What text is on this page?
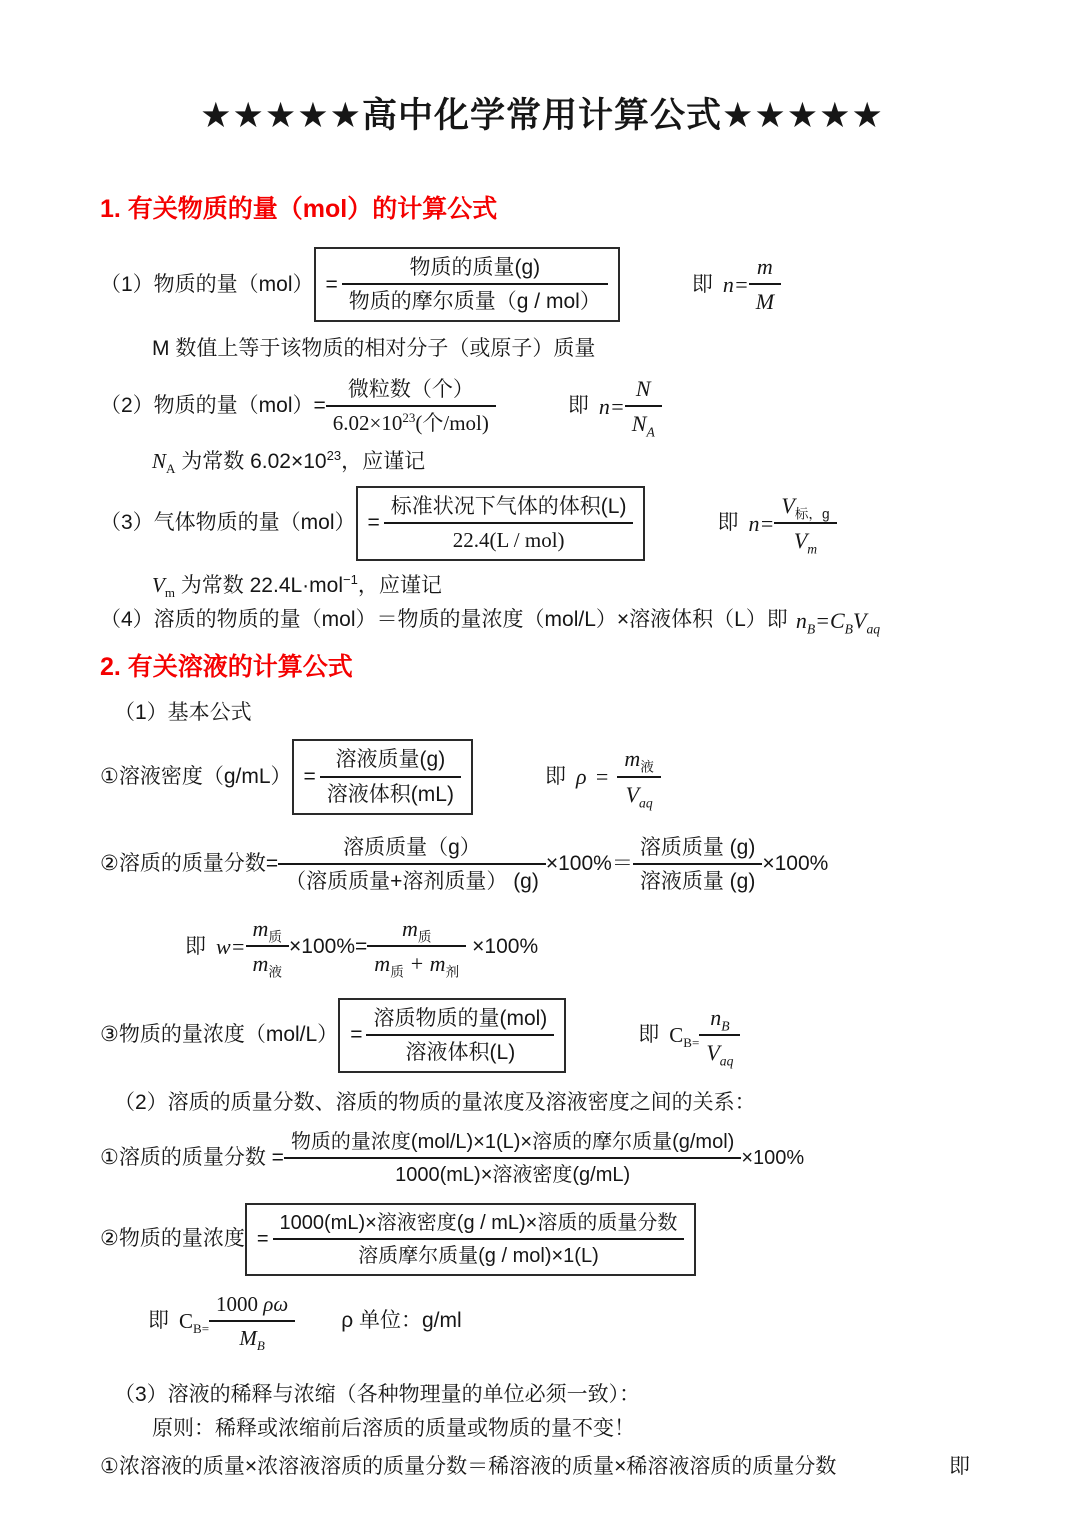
★★★★★高中化学常用计算公式★★★★★
1. 有关物质的量（mol）的计算公式
（1）物质的量$(mol) = \frac{\text{物质的质量(g)}}{\text{物质的摩尔质量（g / mol）}}$	即 $n= \frac{m}{M}$
M 数值上等于该物质的相对分子（或原子）质量
（2）物质的量$(mol)= \frac{\text{微粒数（个）}}{6.02\times 10^{23}(个/mol)}$	即 $n= \frac{N}{N_A}$
$N_A$ 为常数 $6.02\times 10^{23}$，应谨记
（3）气体物质的量$(mol) = \frac{\text{标准状况下气体的体积(L)}}{\text{22.4(L / mol)}}$	即 $n= \frac{V_{标,g}}{V_m}$
$V_m$ 为常数 22.4L·mol$^{-1}$，应谨记
（4）溶质的物质的量（mol）＝物质的量浓度（mol/L）×溶液体积（L）即 $n_B=C_BV_{aq}$
2. 有关溶液的计算公式
（1）基本公式
①溶液密度$(g/mL) = \frac{\text{溶液质量(g)}}{\text{溶液体积(mL)}}$	即 $\rho = \frac{m_液}{V_{aq}}$
②溶质的质量分数= $\frac{\text{溶质质量（g）}}{\text{（溶质质量+溶剂质量） (g)}} \times 100\%= \frac{\text{溶质质量 (g)}}{\text{溶液质量 (g)}} \times 100\%$
即 $w= \frac{m_质}{m_液} \times 100\%= \frac{m_质}{m_质 + m_剂} \times 100\%$
③物质的量浓度$(mol/L) = \frac{\text{溶质物质的量(mol)}}{\text{溶液体积(L)}}$	即 $C_{B=} \frac{n_B}{V_{aq}}$
（2）溶质的质量分数、溶质的物质的量浓度及溶液密度之间的关系：
①溶质的质量分数 = $\frac{\text{物质的量浓度(mol/L)×1(L)×溶质的摩尔质量(g/mol)}}{\text{1000(mL)×溶液密度(g/mL)}} \times 100\%$
②物质的量浓度 = $\frac{\text{1000(mL)×溶液密度(g / mL)×溶质的质量分数}}{\text{溶质摩尔质量(g / mol)×1(L)}}$
即 $C_{B=} \frac{1000 \rho\omega}{M_B}$ ρ 单位：g/ml
（3）溶液的稀释与浓缩（各种物理量的单位必须一致）：
原则：稀释或浓缩前后溶质的质量或物质的量不变！
①浓溶液的质量×浓溶液溶质的质量分数＝稀溶液的质量×稀溶液溶质的质量分数	即
